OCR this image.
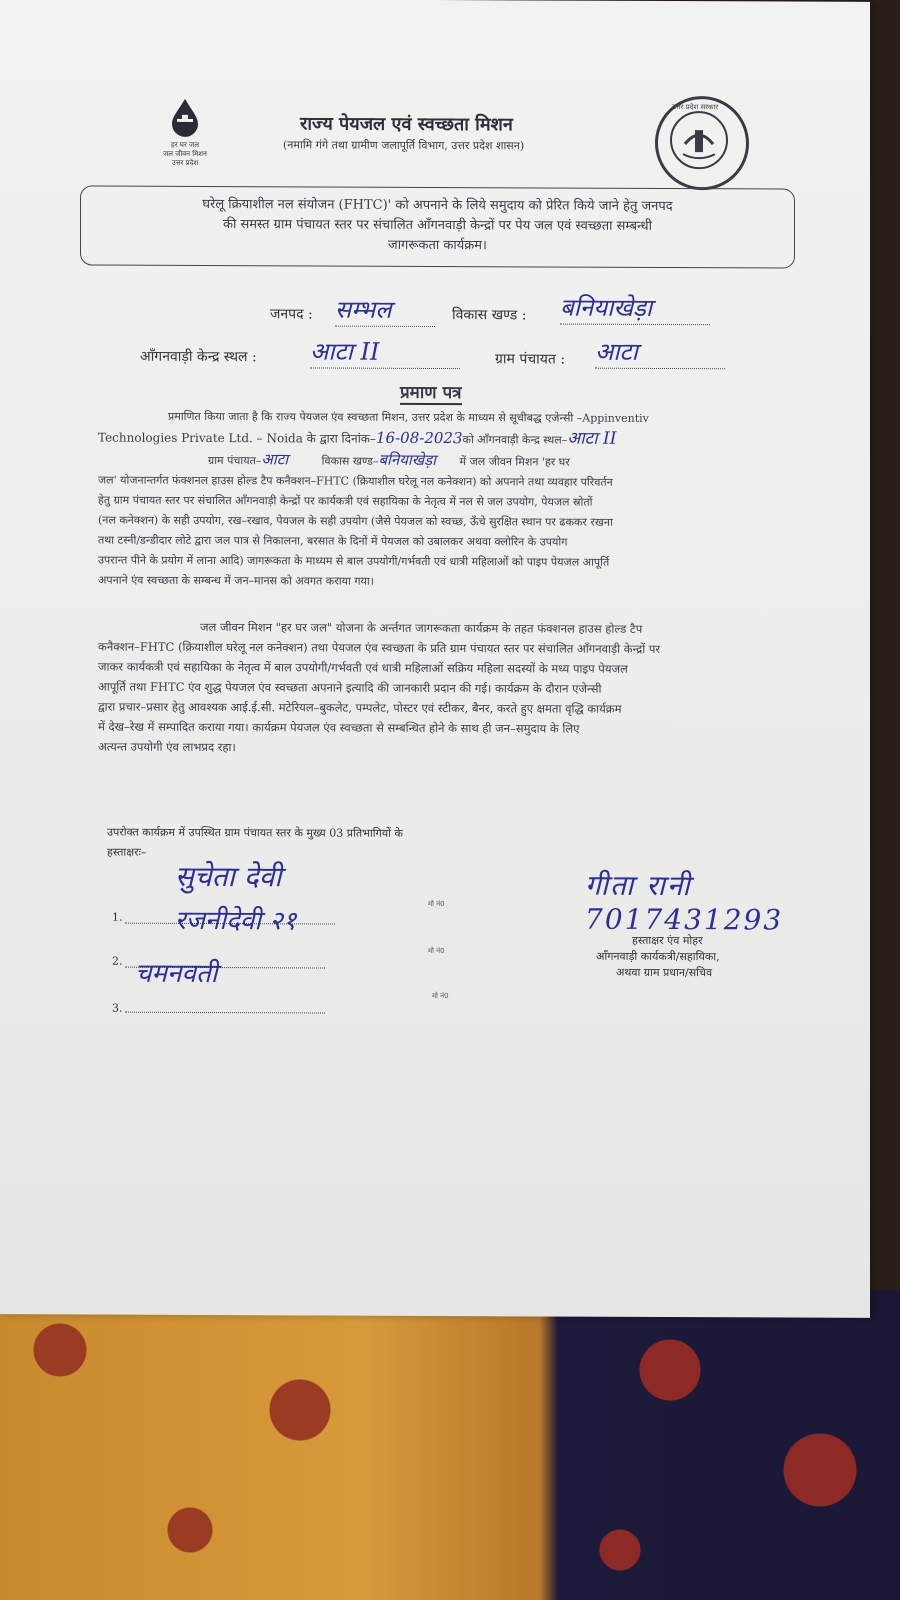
हर घर जल
जल जीवन मिशन
उत्तर प्रदेश
राज्य पेयजल एवं स्वच्छता मिशन
(नमामि गंगे तथा ग्रामीण जलापूर्ति विभाग, उत्तर प्रदेश शासन)
उत्तर प्रदेश सरकार
घरेलू क्रियाशील नल संयोजन (FHTC)' को अपनाने के लिये समुदाय को प्रेरित किये जाने हेतु जनपद
की समस्त ग्राम पंचायत स्तर पर संचालित आँगनवाड़ी केन्द्रों पर पेय जल एवं स्वच्छता सम्बन्धी
जागरूकता कार्यक्रम।
जनपद : सम्भल	विकास खण्ड : बनियाखेड़ा
आँगनवाड़ी केन्द्र स्थल : आटा II	ग्राम पंचायत : आटा
प्रमाण पत्र
प्रमाणित किया जाता है कि राज्य पेयजल एंव स्वच्छता मिशन, उत्तर प्रदेश के माध्यम से सूचीबद्ध एजेन्सी –Appinventiv
Technologies Private Ltd. – Noida के द्वारा दिनांक–16-08-2023को आँगनवाड़ी केन्द्र स्थल–आटा II
ग्राम पंचायत–आटा	विकास खण्ड–बनियाखेड़ा में जल जीवन मिशन 'हर घर
जल' योजनान्तर्गत फंक्शनल हाउस होल्ड टैप कनैक्शन–FHTC (क्रियाशील घरेलू नल कनेक्शन) को अपनाने तथा व्यवहार परिवर्तन
हेतु ग्राम पंचायत स्तर पर संचालित आँगनवाड़ी केन्द्रों पर कार्यकत्री एवं सहायिका के नेतृत्व में नल से जल उपयोग, पेयजल स्रोतों
(नल कनेक्शन) के सही उपयोग, रख–रखाव, पेयजल के सही उपयोग (जैसे पेयजल को स्वच्छ, ऊँचे सुरक्षित स्थान पर ढककर रखना
तथा टस्नी/डन्डीदार लोटे द्वारा जल पात्र से निकालना, बरसात के दिनों में पेयजल को उबालकर अथवा क्लोरिन के उपयोग
उपरान्त पीने के प्रयोग में लाना आदि) जागरूकता के माध्यम से बाल उपयोगी/गर्भवती एवं धात्री महिलाओं को पाइप पेयजल आपूर्ति
अपनाने एंव स्वच्छता के सम्बन्ध में जन–मानस को अवगत कराया गया।
जल जीवन मिशन "हर घर जल" योजना के अर्न्तगत जागरूकता कार्यक्रम के तहत फंक्शनल हाउस होल्ड टैप
कनैक्शन–FHTC (क्रियाशील घरेलू नल कनेक्शन) तथा पेयजल एंव स्वच्छता के प्रति ग्राम पंचायत स्तर पर संचालित आँगनवाड़ी केन्द्रों पर
जाकर कार्यकत्री एवं सहायिका के नेतृत्व में बाल उपयोगी/गर्भवती एवं धात्री महिलाओं सक्रिय महिला सदस्यों के मध्य पाइप पेयजल
आपूर्ति तथा FHTC एंव शुद्ध पेयजल एंव स्वच्छता अपनाने इत्यादि की जानकारी प्रदान की गई। कार्यक्रम के दौरान एजेन्सी
द्वारा प्रचार–प्रसार हेतु आवश्यक आई.ई.सी. मटेरियल–बुकलेट, पम्पलेट, पोस्टर एवं स्टीकर, बैनर, करते हुए क्षमता वृद्धि कार्यक्रम
में देख–रेख में सम्पादित कराया गया। कार्यक्रम पेयजल एंव स्वच्छता से सम्बन्धित होने के साथ ही जन–समुदाय के लिए
अत्यन्त उपयोगी एंव लाभप्रद रहा।
उपरोक्त कार्यक्रम में उपस्थित ग्राम पंचायत स्तर के मुख्य 03 प्रतिभागियों के
हस्ताक्षरः–
सुचेता देवी
1. रजनीदेवी २१
मो नं0
2. चमनवती
मो नं0
3.
मो नं0
गीता रानी 7017431293
हस्ताक्षर एंव मोहर
आँगनवाड़ी कार्यकत्री/सहायिका,
अथवा ग्राम प्रधान/सचिव
